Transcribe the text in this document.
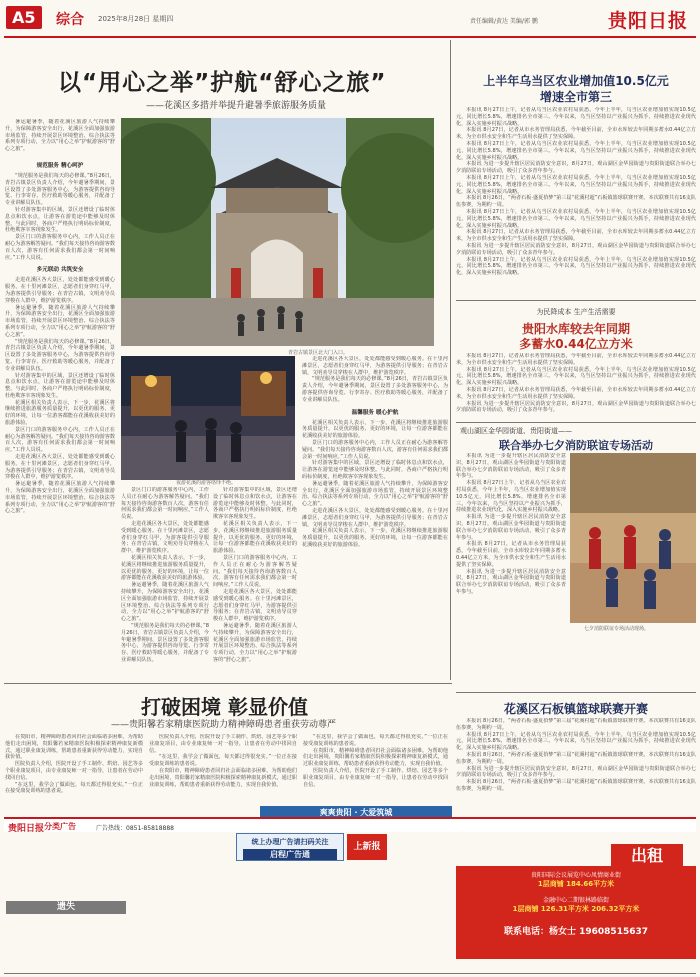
A5	综合 2025年8月28日 星期四	责任编辑/黄达 美编/郭 鹏	贵阳日报
以“用心之举”护航“舒心之旅”
——花溪区多措并举提升避暑季旅游服务质量

暑运避暑季，随着花溪区旅游人气持续攀升，为保障游客安全出行，花溪区全面加强旅游市场监管，持续开展景区环境整治、综合执法等系列专项行动，全力以“用心之举”护航游客的“舒心之旅”。

规范服务 精心呵护

“规范服务是我们每天的必修课。”8月26日，青岩古镇景区负责人介绍，今年避暑季期间，景区设置了多处游客服务中心，为游客提供咨询导览、行李寄存、医疗救助等暖心服务，并配备了专业讲解员队伍。

针对游客集中的区域，景区还增设了临时休息点和饮水点，让游客在游览途中能够及时休整。与此同时，各商户严格执行明码标价制度，杜绝欺客宰客现象发生。

景区门口的游客服务中心内，工作人员正在耐心为游客解答疑问。“我们每天接待咨询游客数百人次，游客有任何需求我们都会第一时间响应。”工作人员说。

多元联动 共筑安全

走进花溪区各大景区，处处都能感受到暖心服务。在十里河滩景区，志愿者们身穿红马甲，为游客提供引导服务；在青岩古镇，文明劝导员穿梭在人群中，维护游览秩序。

暑运避暑季，随着花溪区旅游人气持续攀升，为保障游客安全出行，花溪区全面加强旅游市场监管，持续开展景区环境整治、综合执法等系列专项行动，全力以“用心之举”护航游客的“舒心之旅”。

“规范服务是我们每天的必修课。”8月26日，青岩古镇景区负责人介绍，今年避暑季期间，景区设置了多处游客服务中心，为游客提供咨询导览、行李寄存、医疗救助等暖心服务，并配备了专业讲解员队伍。

针对游客集中的区域，景区还增设了临时休息点和饮水点，让游客在游览途中能够及时休整。与此同时，各商户严格执行明码标价制度，杜绝欺客宰客现象发生。

花溪区相关负责人表示，下一步，花溪区将继续推进旅游服务质量提升，以更优的服务、更好的环境，让每一位游客都能在花溪收获美好的旅游体验。

景区门口的游客服务中心内，工作人员正在耐心为游客解答疑问。“我们每天接待咨询游客数百人次，游客有任何需求我们都会第一时间响应。”工作人员说。

走进花溪区各大景区，处处都能感受到暖心服务。在十里河滩景区，志愿者们身穿红马甲，为游客提供引导服务；在青岩古镇，文明劝导员穿梭在人群中，维护游览秩序。

暑运避暑季，随着花溪区旅游人气持续攀升，为保障游客安全出行，花溪区全面加强旅游市场监管，持续开展景区环境整治、综合执法等系列专项行动，全力以“用心之举”护航游客的“舒心之旅”。

青岩古镇景区北大门入口。
夜游花溪的游客络绎不绝。

走进花溪区各大景区，处处都能感受到暖心服务。在十里河滩景区，志愿者们身穿红马甲，为游客提供引导服务；在青岩古镇，文明劝导员穿梭在人群中，维护游览秩序。

“规范服务是我们每天的必修课。”8月26日，青岩古镇景区负责人介绍，今年避暑季期间，景区设置了多处游客服务中心，为游客提供咨询导览、行李寄存、医疗救助等暖心服务，并配备了专业讲解员队伍。

温馨服务 暖心护航

花溪区相关负责人表示，下一步，花溪区将继续推进旅游服务质量提升，以更优的服务、更好的环境，让每一位游客都能在花溪收获美好的旅游体验。

景区门口的游客服务中心内，工作人员正在耐心为游客解答疑问。“我们每天接待咨询游客数百人次，游客有任何需求我们都会第一时间响应。”工作人员说。

针对游客集中的区域，景区还增设了临时休息点和饮水点，让游客在游览途中能够及时休整。与此同时，各商户严格执行明码标价制度，杜绝欺客宰客现象发生。

暑运避暑季，随着花溪区旅游人气持续攀升，为保障游客安全出行，花溪区全面加强旅游市场监管，持续开展景区环境整治、综合执法等系列专项行动，全力以“用心之举”护航游客的“舒心之旅”。

走进花溪区各大景区，处处都能感受到暖心服务。在十里河滩景区，志愿者们身穿红马甲，为游客提供引导服务；在青岩古镇，文明劝导员穿梭在人群中，维护游览秩序。

花溪区相关负责人表示，下一步，花溪区将继续推进旅游服务质量提升，以更优的服务、更好的环境，让每一位游客都能在花溪收获美好的旅游体验。

景区门口的游客服务中心内，工作人员正在耐心为游客解答疑问。“我们每天接待咨询游客数百人次，游客有任何需求我们都会第一时间响应。”工作人员说。

走进花溪区各大景区，处处都能感受到暖心服务。在十里河滩景区，志愿者们身穿红马甲，为游客提供引导服务；在青岩古镇，文明劝导员穿梭在人群中，维护游览秩序。

花溪区相关负责人表示，下一步，花溪区将继续推进旅游服务质量提升，以更优的服务、更好的环境，让每一位游客都能在花溪收获美好的旅游体验。

暑运避暑季，随着花溪区旅游人气持续攀升，为保障游客安全出行，花溪区全面加强旅游市场监管，持续开展景区环境整治、综合执法等系列专项行动，全力以“用心之举”护航游客的“舒心之旅”。

“规范服务是我们每天的必修课。”8月26日，青岩古镇景区负责人介绍，今年避暑季期间，景区设置了多处游客服务中心，为游客提供咨询导览、行李寄存、医疗救助等暖心服务，并配备了专业讲解员队伍。

针对游客集中的区域，景区还增设了临时休息点和饮水点，让游客在游览途中能够及时休整。与此同时，各商户严格执行明码标价制度，杜绝欺客宰客现象发生。

花溪区相关负责人表示，下一步，花溪区将继续推进旅游服务质量提升，以更优的服务、更好的环境，让每一位游客都能在花溪收获美好的旅游体验。

景区门口的游客服务中心内，工作人员正在耐心为游客解答疑问。“我们每天接待咨询游客数百人次，游客有任何需求我们都会第一时间响应。”工作人员说。

走进花溪区各大景区，处处都能感受到暖心服务。在十里河滩景区，志愿者们身穿红马甲，为游客提供引导服务；在青岩古镇，文明劝导员穿梭在人群中，维护游览秩序。

暑运避暑季，随着花溪区旅游人气持续攀升，为保障游客安全出行，花溪区全面加强旅游市场监管，持续开展景区环境整治、综合执法等系列专项行动，全力以“用心之举”护航游客的“舒心之旅”。

上半年乌当区农业增加值10.5亿元
增速全市第三

本报讯 8月27日上午，记者从乌当区农业农村局获悉，今年上半年，乌当区农业增加值实现10.5亿元，同比增长5.8%，增速排名全市第三。今年以来，乌当区坚持以产业振兴为抓手，持续推进农业现代化，深入实施乡村振兴战略。

本报讯 8月27日，记者从市水务管理局获悉，今年截至目前，全市水库较去年同期多蓄水0.44亿立方米，为全市供水安全和生产生活用水提供了坚实保障。

本报讯 8月27日上午，记者从乌当区农业农村局获悉，今年上半年，乌当区农业增加值实现10.5亿元，同比增长5.8%，增速排名全市第三。今年以来，乌当区坚持以产业振兴为抓手，持续推进农业现代化，深入实施乡村振兴战略。

本报讯 为进一步提升辖区居民消防安全意识，8月27日，观山湖区金华园街道与贵阳街道联合举办七夕消防联谊专场活动，吸引了众多青年参与。

本报讯 8月27日上午，记者从乌当区农业农村局获悉，今年上半年，乌当区农业增加值实现10.5亿元，同比增长5.8%，增速排名全市第三。今年以来，乌当区坚持以产业振兴为抓手，持续推进农业现代化，深入实施乡村振兴战略。

本报讯 8月26日，“两者石板·盛夏拾梦”第三届“花溪村超”石板镇篮球联赛开赛。本次联赛共有16支队伍参赛，为期约一周。

本报讯 8月27日上午，记者从乌当区农业农村局获悉，今年上半年，乌当区农业增加值实现10.5亿元，同比增长5.8%，增速排名全市第三。今年以来，乌当区坚持以产业振兴为抓手，持续推进农业现代化，深入实施乡村振兴战略。

本报讯 8月27日，记者从市水务管理局获悉，今年截至目前，全市水库较去年同期多蓄水0.44亿立方米，为全市供水安全和生产生活用水提供了坚实保障。

本报讯 为进一步提升辖区居民消防安全意识，8月27日，观山湖区金华园街道与贵阳街道联合举办七夕消防联谊专场活动，吸引了众多青年参与。

本报讯 8月27日上午，记者从乌当区农业农村局获悉，今年上半年，乌当区农业增加值实现10.5亿元，同比增长5.8%，增速排名全市第三。今年以来，乌当区坚持以产业振兴为抓手，持续推进农业现代化，深入实施乡村振兴战略。

为民降成本 生产生活需要
贵阳水库较去年同期
多蓄水0.44亿立方米

本报讯 8月27日，记者从市水务管理局获悉，今年截至目前，全市水库较去年同期多蓄水0.44亿立方米，为全市供水安全和生产生活用水提供了坚实保障。

本报讯 8月27日上午，记者从乌当区农业农村局获悉，今年上半年，乌当区农业增加值实现10.5亿元，同比增长5.8%，增速排名全市第三。今年以来，乌当区坚持以产业振兴为抓手，持续推进农业现代化，深入实施乡村振兴战略。

本报讯 8月27日，记者从市水务管理局获悉，今年截至目前，全市水库较去年同期多蓄水0.44亿立方米，为全市供水安全和生产生活用水提供了坚实保障。

本报讯 为进一步提升辖区居民消防安全意识，8月27日，观山湖区金华园街道与贵阳街道联合举办七夕消防联谊专场活动，吸引了众多青年参与。

观山湖区金华园街道、贵阳街道——
联合举办七夕消防联谊专场活动

本报讯 为进一步提升辖区居民消防安全意识，8月27日，观山湖区金华园街道与贵阳街道联合举办七夕消防联谊专场活动，吸引了众多青年参与。

本报讯 8月27日上午，记者从乌当区农业农村局获悉，今年上半年，乌当区农业增加值实现10.5亿元，同比增长5.8%，增速排名全市第三。今年以来，乌当区坚持以产业振兴为抓手，持续推进农业现代化，深入实施乡村振兴战略。

本报讯 为进一步提升辖区居民消防安全意识，8月27日，观山湖区金华园街道与贵阳街道联合举办七夕消防联谊专场活动，吸引了众多青年参与。

本报讯 8月27日，记者从市水务管理局获悉，今年截至目前，全市水库较去年同期多蓄水0.44亿立方米，为全市供水安全和生产生活用水提供了坚实保障。

本报讯 为进一步提升辖区居民消防安全意识，8月27日，观山湖区金华园街道与贵阳街道联合举办七夕消防联谊专场活动，吸引了众多青年参与。

七夕消防联谊专场活动现场。
花溪区石板镇篮球联赛开赛

本报讯 8月26日，“两者石板·盛夏拾梦”第三届“花溪村超”石板镇篮球联赛开赛。本次联赛共有16支队伍参赛，为期约一周。

本报讯 8月27日上午，记者从乌当区农业农村局获悉，今年上半年，乌当区农业增加值实现10.5亿元，同比增长5.8%，增速排名全市第三。今年以来，乌当区坚持以产业振兴为抓手，持续推进农业现代化，深入实施乡村振兴战略。

本报讯 8月26日，“两者石板·盛夏拾梦”第三届“花溪村超”石板镇篮球联赛开赛。本次联赛共有16支队伍参赛，为期约一周。

本报讯 为进一步提升辖区居民消防安全意识，8月27日，观山湖区金华园街道与贵阳街道联合举办七夕消防联谊专场活动，吸引了众多青年参与。

本报讯 8月26日，“两者石板·盛夏拾梦”第三届“花溪村超”石板镇篮球联赛开赛。本次联赛共有16支队伍参赛，为期约一周。

打破困境 彰显价值
——贵阳馨若家精康医院助力精神障碍患者重获劳动尊严

在贵阳市，精神障碍患者回归社会面临诸多困难。为帮助他们走出困境，贵阳馨若家精康医院积极探索精神康复新模式，通过职业康复训练，帮助患者重新获得劳动能力，实现自我价值。

医院负责人介绍，医院开设了手工制作、烘焙、园艺等多个职业康复项目，由专业康复师一对一指导，让患者在劳动中找回自信。

“在这里，我学会了做面包，每天都过得很充实。”一位正在接受康复训练的患者说。

医院负责人介绍，医院开设了手工制作、烘焙、园艺等多个职业康复项目，由专业康复师一对一指导，让患者在劳动中找回自信。

“在这里，我学会了做面包，每天都过得很充实。”一位正在接受康复训练的患者说。

在贵阳市，精神障碍患者回归社会面临诸多困难。为帮助他们走出困境，贵阳馨若家精康医院积极探索精神康复新模式，通过职业康复训练，帮助患者重新获得劳动能力，实现自我价值。

“在这里，我学会了做面包，每天都过得很充实。”一位正在接受康复训练的患者说。

在贵阳市，精神障碍患者回归社会面临诸多困难。为帮助他们走出困境，贵阳馨若家精康医院积极探索精神康复新模式，通过职业康复训练，帮助患者重新获得劳动能力，实现自我价值。

医院负责人介绍，医院开设了手工制作、烘焙、园艺等多个职业康复项目，由专业康复师一对一指导，让患者在劳动中找回自信。

爽爽贵阳 · 大爱筑城
贵阳日报 分类广告	广告热线：0851-85818888
统上办理广告请扫码关注
启程广告通
上新报
遗失
贵阳国际会议展览中心凤情商业街
1层商铺 184.66平方米
金融中心二期银林路临街
1层商铺 126.31平方米 206.32平方米
联系电话：杨女士 19608515637
出租
